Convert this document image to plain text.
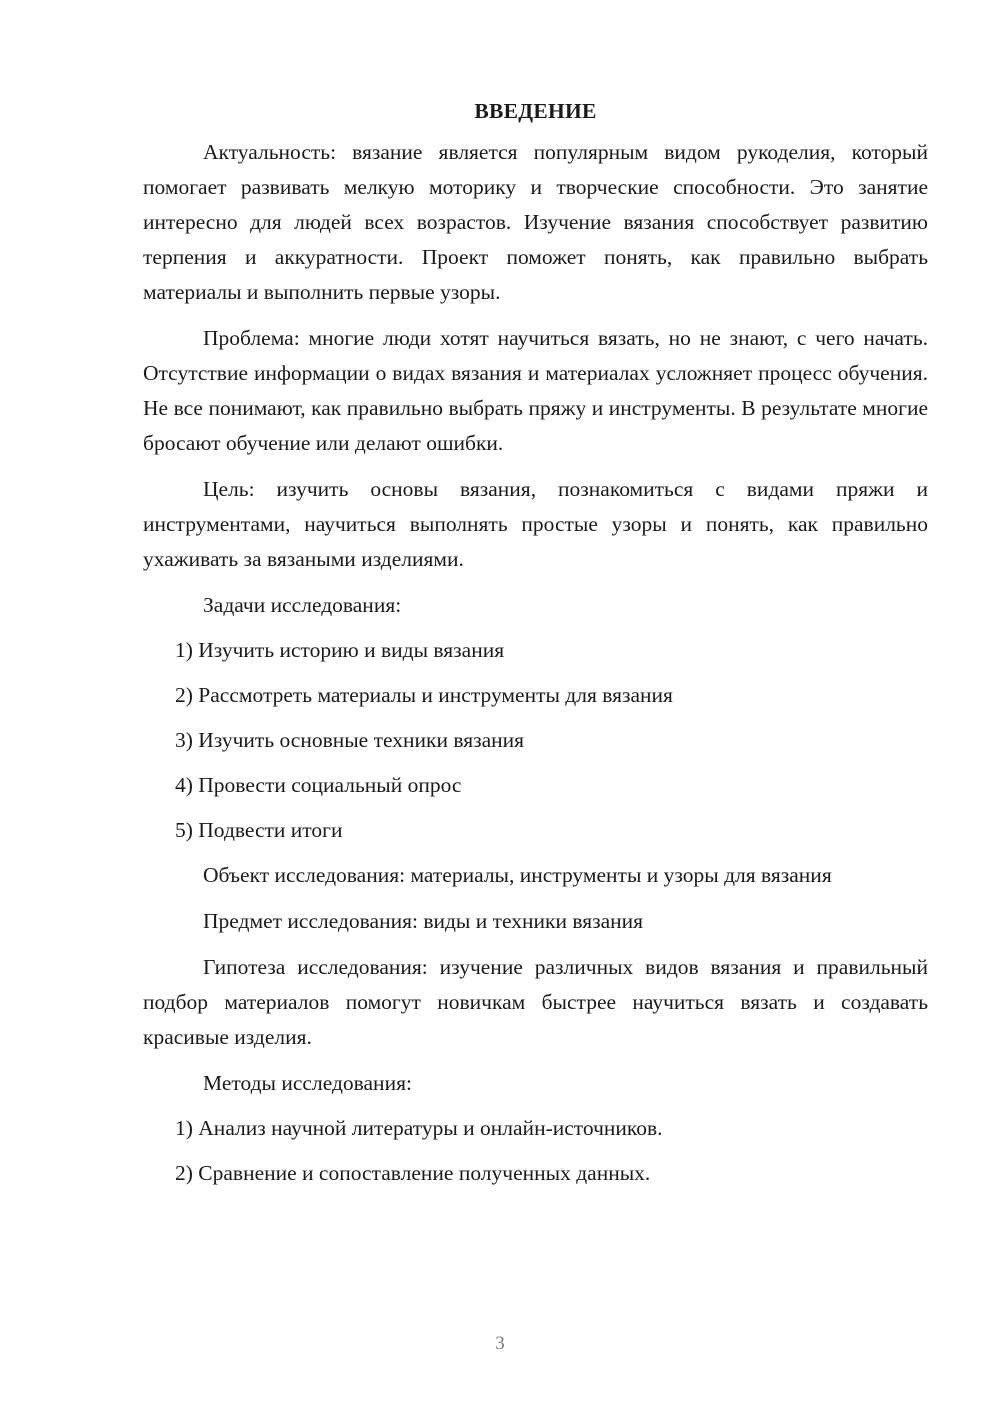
ВВЕДЕНИЕ

Актуальность: вязание является популярным видом рукоделия, который помогает развивать мелкую моторику и творческие способности. Это занятие интересно для людей всех возрастов. Изучение вязания способствует развитию терпения и аккуратности. Проект поможет понять, как правильно выбрать материалы и выполнить первые узоры.

Проблема: многие люди хотят научиться вязать, но не знают, с чего начать. Отсутствие информации о видах вязания и материалах усложняет процесс обучения. Не все понимают, как правильно выбрать пряжу и инструменты. В результате многие бросают обучение или делают ошибки.

Цель: изучить основы вязания, познакомиться с видами пряжи и инструментами, научиться выполнять простые узоры и понять, как правильно ухаживать за вязаными изделиями.

Задачи исследования:

1) Изучить историю и виды вязания
2) Рассмотреть материалы и инструменты для вязания
3) Изучить основные техники вязания
4) Провести социальный опрос
5) Подвести итоги

Объект исследования: материалы, инструменты и узоры для вязания

Предмет исследования: виды и техники вязания

Гипотеза исследования: изучение различных видов вязания и правильный подбор материалов помогут новичкам быстрее научиться вязать и создавать красивые изделия.

Методы исследования:

1) Анализ научной литературы и онлайн-источников.
2) Сравнение и сопоставление полученных данных.
3
